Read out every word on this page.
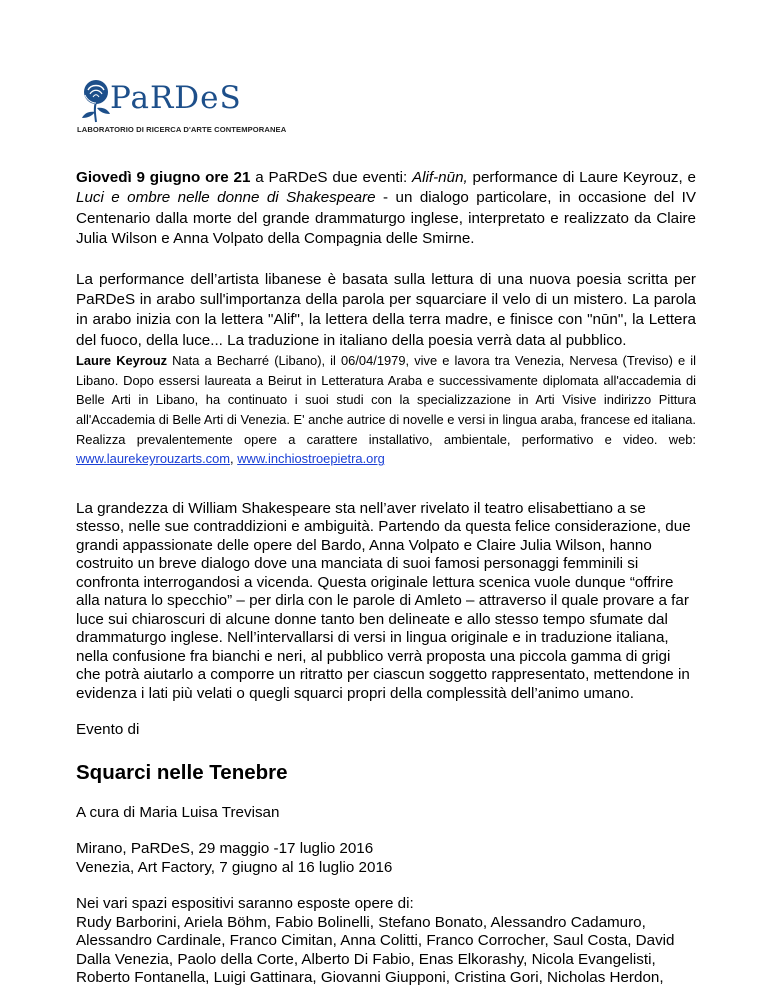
PaRDeS
LABORATORIO DI RICERCA D'ARTE CONTEMPORANEA

Giovedì 9 giugno ore 21 a PaRDeS due eventi: Alif-nūn, performance di Laure Keyrouz, e Luci e ombre nelle donne di Shakespeare - un dialogo particolare, in occasione del IV Centenario dalla morte del grande drammaturgo inglese, interpretato e realizzato da Claire Julia Wilson e Anna Volpato della Compagnia delle Smirne.

La performance dell’artista libanese è basata sulla lettura di una nuova poesia scritta per PaRDeS in arabo sull'importanza della parola per squarciare il velo di un mistero. La parola in arabo inizia con la lettera "Alif", la lettera della terra madre, e finisce con "nūn", la Lettera del fuoco, della luce... La traduzione in italiano della poesia verrà data al pubblico.

Laure Keyrouz Nata a Becharré (Libano), il 06/04/1979, vive e lavora tra Venezia, Nervesa (Treviso) e il Libano. Dopo essersi laureata a Beirut in Letteratura Araba e successivamente diplomata all'accademia di Belle Arti in Libano, ha continuato i suoi studi con la specializzazione in Arti Visive indirizzo Pittura all'Accademia di Belle Arti di Venezia. E' anche autrice di novelle e versi in lingua araba, francese ed italiana. Realizza prevalentemente opere a carattere installativo, ambientale, performativo e video. web: www.laurekeyrouzarts.com, www.inchiostroepietra.org

La grandezza di William Shakespeare sta nell’aver rivelato il teatro elisabettiano a se stesso, nelle sue contraddizioni e ambiguità. Partendo da questa felice considerazione, due grandi appassionate delle opere del Bardo, Anna Volpato e Claire Julia Wilson, hanno costruito un breve dialogo dove una manciata di suoi famosi personaggi femminili si confronta interrogandosi a vicenda. Questa originale lettura scenica vuole dunque “offrire alla natura lo specchio” – per dirla con le parole di Amleto – attraverso il quale provare a far luce sui chiaroscuri di alcune donne tanto ben delineate e allo stesso tempo sfumate dal drammaturgo inglese. Nell’intervallarsi di versi in lingua originale e in traduzione italiana, nella confusione fra bianchi e neri, al pubblico verrà proposta una piccola gamma di grigi che potrà aiutarlo a comporre un ritratto per ciascun soggetto rappresentato, mettendone in evidenza i lati più velati o quegli squarci propri della complessità dell’animo umano.

Evento di

Squarci nelle Tenebre

A cura di Maria Luisa Trevisan

Mirano, PaRDeS, 29 maggio -17 luglio 2016

Venezia, Art Factory, 7 giugno al 16 luglio 2016

Nei vari spazi espositivi saranno esposte opere di:

Rudy Barborini, Ariela Böhm, Fabio Bolinelli, Stefano Bonato, Alessandro Cadamuro, Alessandro Cardinale, Franco Cimitan, Anna Colitti, Franco Corrocher, Saul Costa, David Dalla Venezia, Paolo della Corte, Alberto Di Fabio, Enas Elkorashy, Nicola Evangelisti, Roberto Fontanella, Luigi Gattinara, Giovanni Giupponi, Cristina Gori, Nicholas Herdon,
